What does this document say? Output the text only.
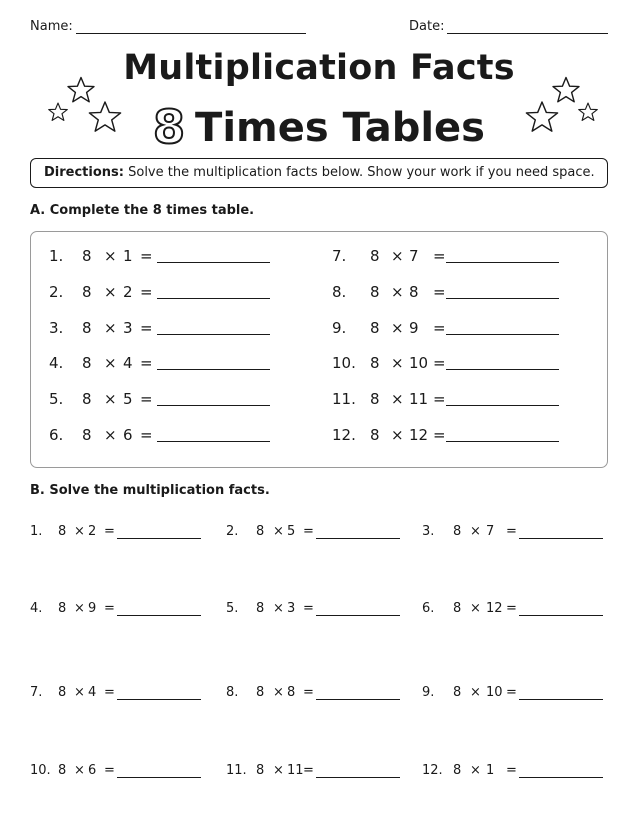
Name:	Date:
Multiplication Facts
8 Times Tables
Directions: Solve the multiplication facts below. Show your work if you need space.
A. Complete the 8 times table.
1. 8 × 1 =
2. 8 × 2 =
3. 8 × 3 =
4. 8 × 4 =
5. 8 × 5 =
6. 8 × 6 =
7. 8 × 7 =
8. 8 × 8 =
9. 8 × 9 =
10. 8 × 10 =
11. 8 × 11 =
12. 8 × 12 =
B. Solve the multiplication facts.
1. 8 × 2 =	2. 8 × 5 =	3. 8 × 7 =
4. 8 × 9 =	5. 8 × 3 =	6. 8 × 12 =
7. 8 × 4 =	8. 8 × 8 =	9. 8 × 10 =
10. 8 × 6 =	11. 8 × 11 =	12. 8 × 1 =
